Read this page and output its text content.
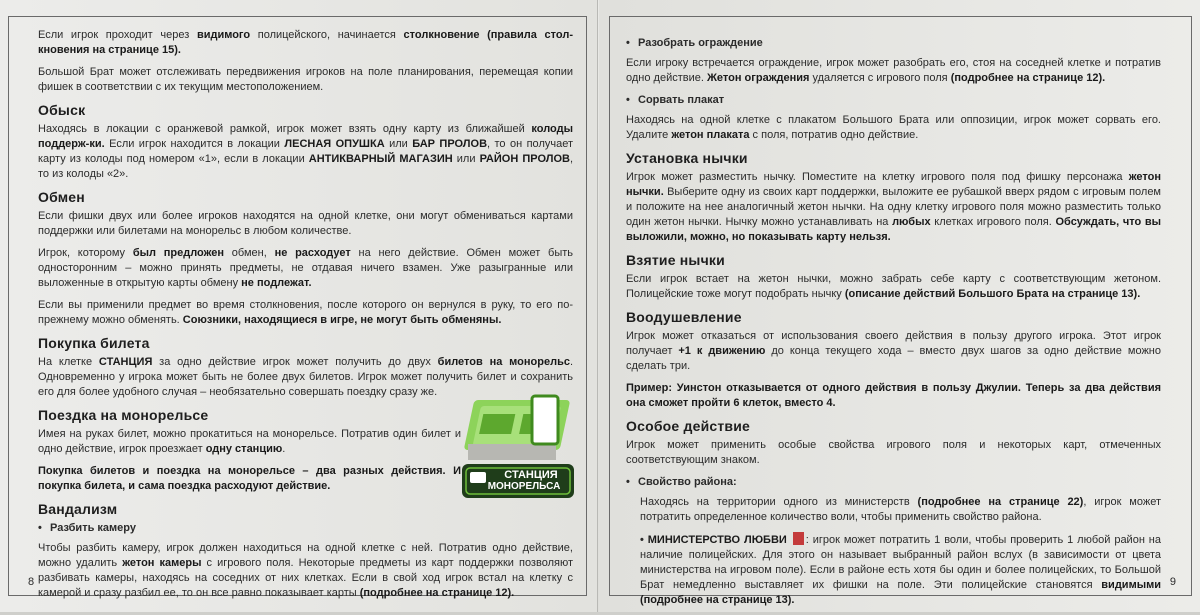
Если игрок проходит через видимого полицейского, начинается столкновение (правила стол-кновения на странице 15).

Большой Брат может отслеживать передвижения игроков на поле планирования, перемещая копии фишек в соответствии с их текущим местоположением.

Обыск

Находясь в локации с оранжевой рамкой, игрок может взять одну карту из ближайшей колоды поддерж-ки. Если игрок находится в локации ЛЕСНАЯ ОПУШКА или БАР ПРОЛОВ, то он получает карту из колоды под номером «1», если в локации АНТИКВАРНЫЙ МАГАЗИН или РАЙОН ПРОЛОВ, то из колоды «2».

Обмен

Если фишки двух или более игроков находятся на одной клетке, они могут обмениваться картами поддержки или билетами на монорельс в любом количестве.

Игрок, которому был предложен обмен, не расходует на него действие. Обмен может быть односторонним – можно принять предметы, не отдавая ничего взамен. Уже разыгранные или выложенные в открытую карты обмену не подлежат.

Если вы применили предмет во время столкновения, после которого он вернулся в руку, то его по-прежнему можно обменять. Союзники, находящиеся в игре, не могут быть обменяны.

Покупка билета

На клетке СТАНЦИЯ за одно действие игрок может получить до двух билетов на монорельс. Одновременно у игрока может быть не более двух билетов. Игрок может получить билет и сохранить его для более удобного случая – необязательно совершать поездку сразу же.

Поездка на монорельсе

Имея на руках билет, можно прокатиться на монорельсе. Потратив один билет и одно действие, игрок проезжает одну станцию.

Покупка билетов и поездка на монорельсе – два разных действия. И покупка билета, и сама поездка расходуют действие.

Вандализм
• Разбить камеру

Чтобы разбить камеру, игрок должен находиться на одной клетке с ней. Потратив одно действие, можно удалить жетон камеры с игрового поля. Некоторые предметы из карт поддержки позволяют разбивать камеры, находясь на соседних от них клетках. Если в свой ход игрок встал на клетку с камерой и сразу разбил ее, то он все равно показывает карты (подробнее на странице 12).

СТАНЦИЯ
МОНОРЕЛЬСА
8
• Разобрать ограждение

Если игроку встречается ограждение, игрок может разобрать его, стоя на соседней клетке и потратив одно действие. Жетон ограждения удаляется с игрового поля (подробнее на странице 12).

• Сорвать плакат

Находясь на одной клетке с плакатом Большого Брата или оппозиции, игрок может сорвать его. Удалите жетон плаката с поля, потратив одно действие.

Установка нычки

Игрок может разместить нычку. Поместите на клетку игрового поля под фишку персонажа жетон нычки. Выберите одну из своих карт поддержки, выложите ее рубашкой вверх рядом с игровым полем и положите на нее аналогичный жетон нычки. На одну клетку игрового поля можно разместить только один жетон нычки. Нычку можно устанавливать на любых клетках игрового поля. Обсуждать, что вы выложили, можно, но показывать карту нельзя.

Взятие нычки

Если игрок встает на жетон нычки, можно забрать себе карту с соответствующим жетоном. Полицейские тоже могут подобрать нычку (описание действий Большого Брата на странице 13).

Воодушевление

Игрок может отказаться от использования своего действия в пользу другого игрока. Этот игрок получает +1 к движению до конца текущего хода – вместо двух шагов за одно действие можно сделать три.

Пример: Уинстон отказывается от одного действия в пользу Джулии. Теперь за два действия она сможет пройти 6 клеток, вместо 4.

Особое действие

Игрок может применить особые свойства игрового поля и некоторых карт, отмеченных соответствующим знаком.

• Свойство района:

Находясь на территории одного из министерств (подробнее на странице 22), игрок может потратить определенное количество воли, чтобы применить свойство района.

• МИНИСТЕРСТВО ЛЮБВИ : игрок может потратить 1 воли, чтобы проверить 1 любой район на наличие полицейских. Для этого он называет выбранный район вслух (в зависимости от цвета министерства на игровом поле). Если в районе есть хотя бы один и более полицейских, то Большой Брат немедленно выставляет их фишки на поле. Эти полицейские становятся видимыми (подробнее на странице 13).

9
